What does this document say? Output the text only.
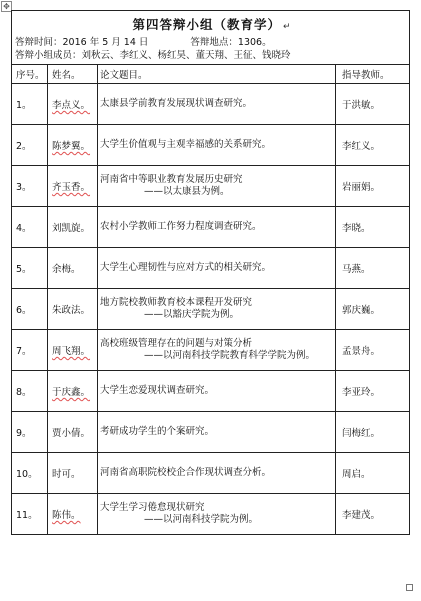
✥
第四答辩小组（教育学） ↵			

答辩时间：2016 年 5 月 14 日 答辩地点：1306。
答辩小组成员：刘秋云、李红义、杨红昊、董天翔、王征、钱晓玲			

序号。	姓名。	论文题目。	指导教师。
1。	李点义。	太康县学前教育发展现状调查研究。	于洪敏。
2。	陈梦翼。	大学生价值观与主观幸福感的关系研究。	李红义。
3。	齐玉香。	河南省中等职业教育发展历史研究
——以太康县为例。	岩丽娟。
4。	刘凯旋。	农村小学教师工作努力程度调查研究。	李晓。
5。	余梅。	大学生心理韧性与应对方式的相关研究。	马燕。
6。	朱政法。	地方院校教师教育校本课程开发研究
——以豁庆学院为例。	郭庆巍。
7。	周飞翔。	高校班级管理存在的问题与对策分析
——以河南科技学院教育科学学院为例。	孟景舟。
8。	于庆鑫。	大学生恋爱现状调查研究。	李亚玲。
9。	贾小倩。	考研成功学生的个案研究。	闫梅红。
10。	时可。	河南省高职院校校企合作现状调查分析。	周启。
11。	陈伟。	大学生学习倦怠现状研究
——以河南科技学院为例。	李建茂。
